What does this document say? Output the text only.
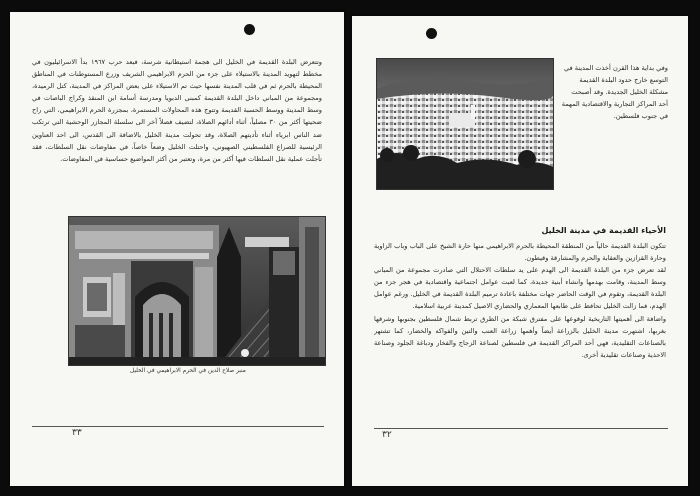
وتتعرض البلدة القديمة في الخليل الى هجمة استيطانية شرسة، فبعد حرب ١٩٦٧ بدأ الاسرائيليون في مخطط لتهويد المدينة بالاستيلاء على جزء من الحرم الابراهيمي الشريف وزرع المستوطنات في المناطق المحيطة بالحرم ثم في قلب المدينة نفسها حيث تم الاستيلاء على بعض المراكز في المدينة، كتل الرميدة، ومجموعة من المباني داخل البلدة القديمة كمبنى الدبويا ومدرسة أسامة ابن المنقذ وكراج الباصات في وسط المدينة ووسط الحسبة القديمة وتتوج هذه المحاولات المستمرة، بمجزرة الحرم الابراهيمي، التي راح ضحيتها أكثر من ٣٠ مصلياً، أثناء أدائهم الصلاة، لتضيف فصلاً آخر الى سلسلة المجازر الوحشية التي ترتكب ضد الناس ابرياء أثناء تأديتهم الصلاة، وقد تحولت مدينة الخليل بالاضافة الى القدس، الى احد العناوين الرئيسية للصراع الفلسطيني الصهيوني، واحتلت الخليل وضعاً خاصاً، في مفاوضات نقل السلطات، فقد تأجلت عملية نقل السلطات فيها أكثر من مرة، وتعتبر من أكثر المواضيع حساسية في المفاوضات.
منبر صلاح الدين في الحرم الابراهيمي في الخليل
٣٣
وفي بداية هذا القرن أخذت المدينة في التوسع خارج حدود البلدة القديمة مشكلة الخليل الجديدة. وقد أصبحت أحد المراكز التجارية والاقتصادية المهمة في جنوب فلسطين.
الأحياء القديمة في مدينة الخليل
تتكون البلدة القديمة حالياً من المنطقة المحيطة بالحرم الابراهيمي منها حارة الشيخ على الباب وباب الزاوية وحارة القزازين والعقابة والحرم والمشارقة وقيطون.
لقد تعرض جزء من البلدة القديمة الى الهدم على يد سلطات الاحتلال التي صادرت مجموعة من المباني وسط المدينة، وقامت بهدمها وانشاء أبنية جديدة، كما لعبت عوامل اجتماعية واقتصادية في هجر جزء من البلدة القديمة، وتقوم في الوقت الحاضر جهات مختلفة باعادة ترميم البلدة القديمة في الخليل. ورغم عوامل الهدم، فما زالت الخليل تحافظ على طابعها المعماري والحضاري الاصيل كمدينة عربية اسلامية.
واضافة الى أهميتها التاريخية لوقوعها على مفترق شبكة من الطرق تربط شمال فلسطين بجنوبها وشرقها بغربها، اشتهرت مدينة الخليل بالزراعة أيضاً وأهمها زراعة العنب والتين والفواكه والخضار، كما تشتهر بالصناعات التقليدية، فهي أحد المراكز القديمة في فلسطين لصناعة الزجاج والفخار ودباغة الجلود وصناعة الاحذية وصناعات تقليدية أخرى.
٣٢
